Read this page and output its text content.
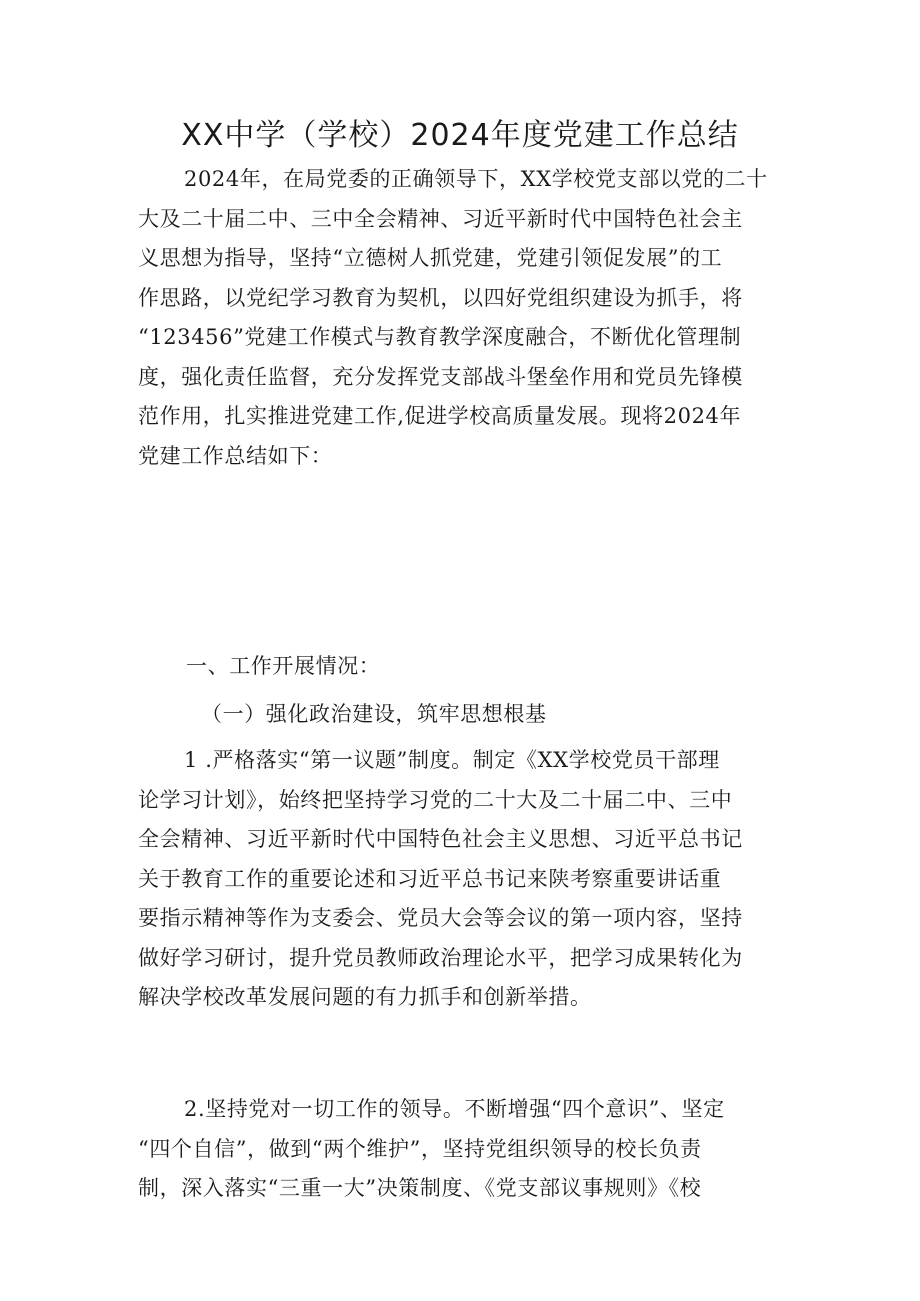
XX中学（学校）2024年度党建工作总结
2024年，在局党委的正确领导下，XX学校党支部以党的二十
大及二十届二中、三中全会精神、习近平新时代中国特色社会主
义思想为指导，坚持“立德树人抓党建，党建引领促发展”的工
作思路，以党纪学习教育为契机，以四好党组织建设为抓手，将
“123456”党建工作模式与教育教学深度融合，不断优化管理制
度，强化责任监督，充分发挥党支部战斗堡垒作用和党员先锋模
范作用，扎实推进党建工作,促进学校高质量发展。现将2024年
党建工作总结如下：

一、工作开展情况：

（一）强化政治建设，筑牢思想根基

1 .严格落实“第一议题”制度。制定《XX学校党员干部理
论学习计划》，始终把坚持学习党的二十大及二十届二中、三中
全会精神、习近平新时代中国特色社会主义思想、习近平总书记
关于教育工作的重要论述和习近平总书记来陕考察重要讲话重
要指示精神等作为支委会、党员大会等会议的第一项内容，坚持
做好学习研讨，提升党员教师政治理论水平，把学习成果转化为
解决学校改革发展问题的有力抓手和创新举措。
2.坚持党对一切工作的领导。不断增强“四个意识”、坚定
“四个自信”，做到“两个维护”，坚持党组织领导的校长负责
制，深入落实“三重一大”决策制度、《党支部议事规则》《校
